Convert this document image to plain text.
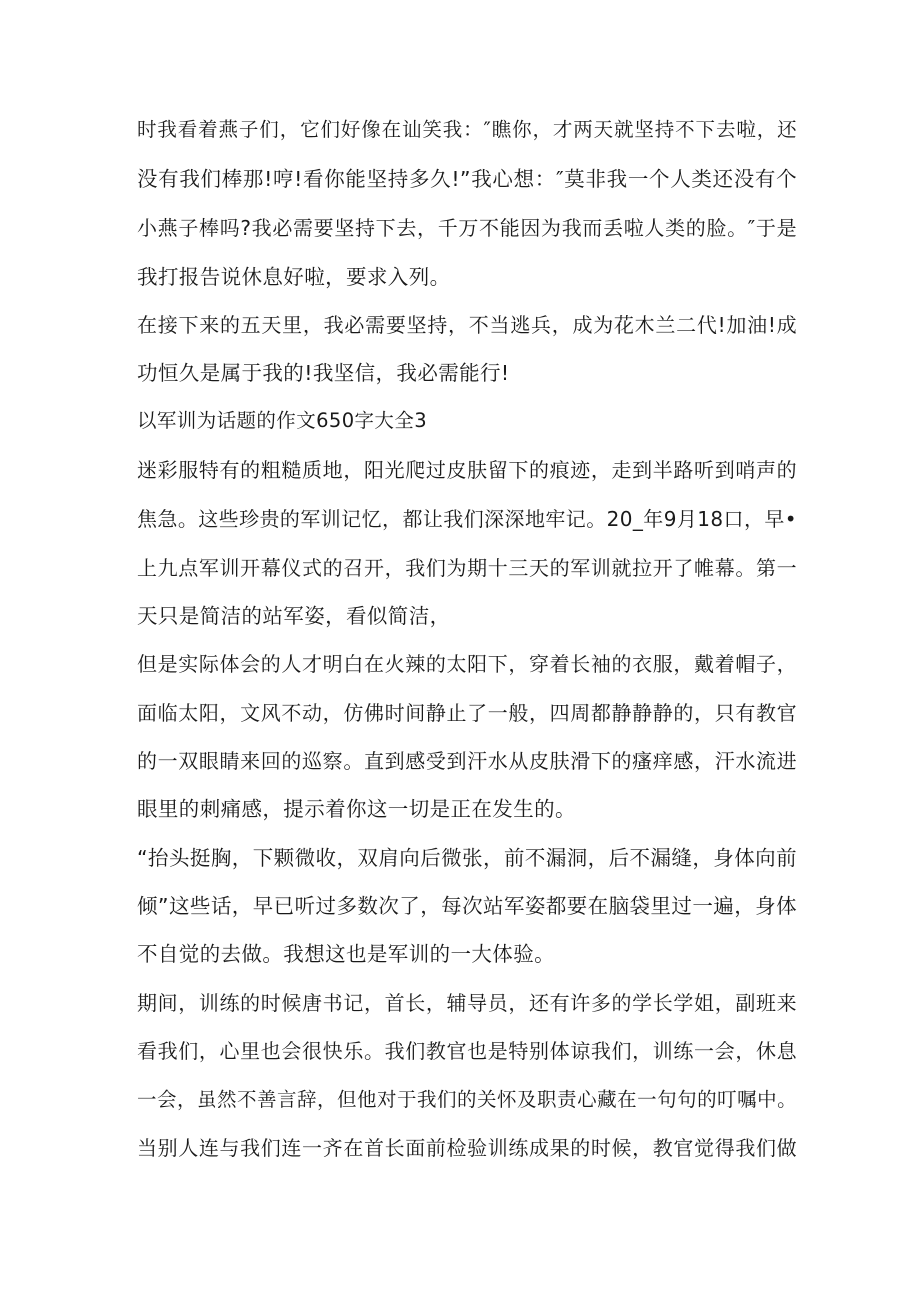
时我看着燕子们，它们好像在讪笑我：″瞧你，才两天就坚持不下去啦，还
没有我们棒那!哼!看你能坚持多久!”我心想：″莫非我一个人类还没有个
小燕子棒吗?我必需要坚持下去，千万不能因为我而丢啦人类的脸。″于是
我打报告说休息好啦，要求入列。
在接下来的五天里，我必需要坚持，不当逃兵，成为花木兰二代!加油!成
功恒久是属于我的!我坚信，我必需能行!
以军训为话题的作文650字大全3
迷彩服特有的粗糙质地，阳光爬过皮肤留下的痕迹，走到半路听到哨声的
焦急。这些珍贵的军训记忆，都让我们深深地牢记。20_年9月18口，早•
上九点军训开幕仪式的召开，我们为期十三天的军训就拉开了帷幕。第一
天只是简洁的站军姿，看似简洁，
但是实际体会的人才明白在火辣的太阳下，穿着长袖的衣服，戴着帽子，
面临太阳，文风不动，仿佛时间静止了一般，四周都静静静的，只有教官
的一双眼睛来回的巡察。直到感受到汗水从皮肤滑下的瘙痒感，汗水流进
眼里的刺痛感，提示着你这一切是正在发生的。
“抬头挺胸，下颗微收，双肩向后微张，前不漏洞，后不漏缝，身体向前
倾”这些话，早已听过多数次了，每次站军姿都要在脑袋里过一遍，身体
不自觉的去做。我想这也是军训的一大体验。
期间，训练的时候唐书记，首长，辅导员，还有许多的学长学姐，副班来
看我们，心里也会很快乐。我们教官也是特别体谅我们，训练一会，休息
一会，虽然不善言辞，但他对于我们的关怀及职责心藏在一句句的叮嘱中。
当别人连与我们连一齐在首长面前检验训练成果的时候，教官觉得我们做
